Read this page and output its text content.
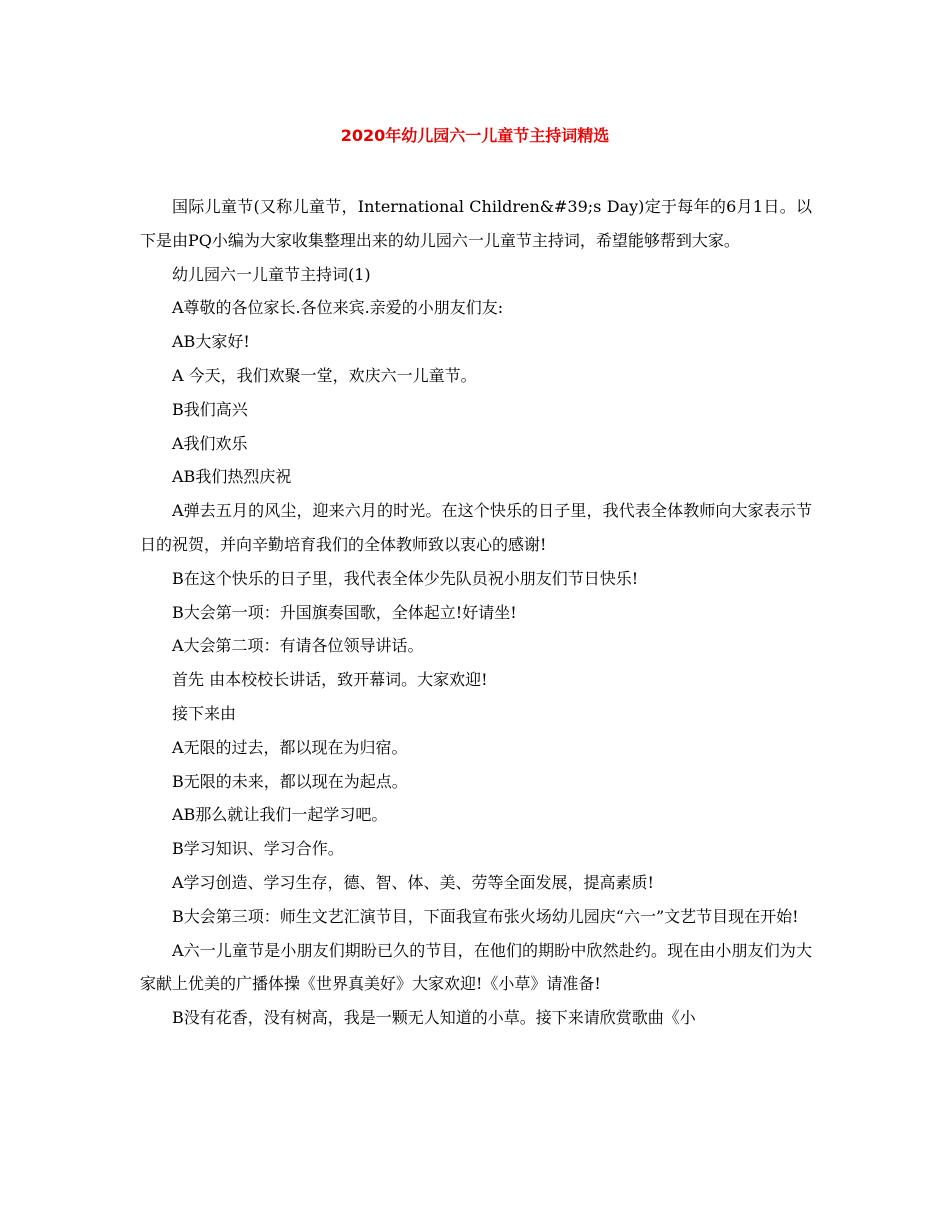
2020年幼儿园六一儿童节主持词精选

国际儿童节(又称儿童节，International Children&#39;s Day)定于每年的6月1日。以下是由PQ小编为大家收集整理出来的幼儿园六一儿童节主持词，希望能够帮到大家。

幼儿园六一儿童节主持词(1)

A尊敬的各位家长.各位来宾.亲爱的小朋友们友:

AB大家好!

A 今天，我们欢聚一堂，欢庆六一儿童节。

B我们高兴

A我们欢乐

AB我们热烈庆祝

A弹去五月的风尘，迎来六月的时光。在这个快乐的日子里，我代表全体教师向大家表示节日的祝贺，并向辛勤培育我们的全体教师致以衷心的感谢!

B在这个快乐的日子里，我代表全体少先队员祝小朋友们节日快乐!

B大会第一项：升国旗奏国歌，全体起立!好请坐!

A大会第二项：有请各位领导讲话。

首先 由本校校长讲话，致开幕词。大家欢迎!

接下来由

A无限的过去，都以现在为归宿。

B无限的未来，都以现在为起点。

AB那么就让我们一起学习吧。

B学习知识、学习合作。

A学习创造、学习生存，德、智、体、美、劳等全面发展，提高素质!

B大会第三项：师生文艺汇演节目，下面我宣布张火场幼儿园庆“六一”文艺节目现在开始!

A六一儿童节是小朋友们期盼已久的节目，在他们的期盼中欣然赴约。现在由小朋友们为大家献上优美的广播体操《世界真美好》大家欢迎!《小草》请准备!

B没有花香，没有树高，我是一颗无人知道的小草。接下来请欣赏歌曲《小
